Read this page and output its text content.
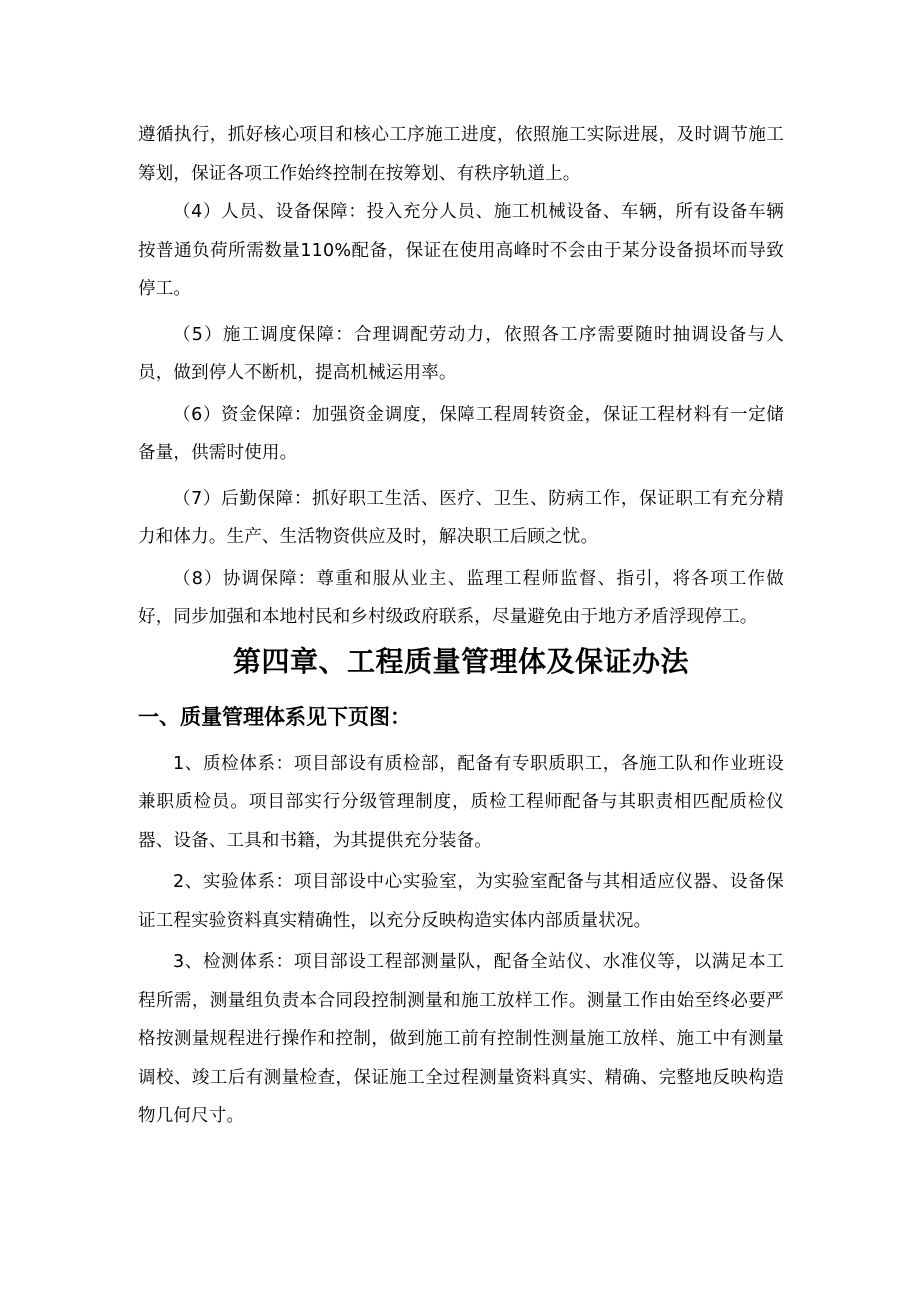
遵循执行，抓好核心项目和核心工序施工进度，依照施工实际进展，及时调节施工筹划，保证各项工作始终控制在按筹划、有秩序轨道上。

（4）人员、设备保障：投入充分人员、施工机械设备、车辆，所有设备车辆按普通负荷所需数量110%配备，保证在使用高峰时不会由于某分设备损坏而导致停工。

（5）施工调度保障：合理调配劳动力，依照各工序需要随时抽调设备与人员，做到停人不断机，提高机械运用率。

（6）资金保障：加强资金调度，保障工程周转资金，保证工程材料有一定储备量，供需时使用。

（7）后勤保障：抓好职工生活、医疗、卫生、防病工作，保证职工有充分精力和体力。生产、生活物资供应及时，解决职工后顾之忧。

（8）协调保障：尊重和服从业主、监理工程师监督、指引，将各项工作做好，同步加强和本地村民和乡村级政府联系，尽量避免由于地方矛盾浮现停工。

第四章、工程质量管理体及保证办法
一、质量管理体系见下页图：

1、质检体系：项目部设有质检部，配备有专职质职工，各施工队和作业班设兼职质检员。项目部实行分级管理制度，质检工程师配备与其职责相匹配质检仪器、设备、工具和书籍，为其提供充分装备。

2、实验体系：项目部设中心实验室，为实验室配备与其相适应仪器、设备保证工程实验资料真实精确性，以充分反映构造实体内部质量状况。

3、检测体系：项目部设工程部测量队，配备全站仪、水准仪等，以满足本工程所需，测量组负责本合同段控制测量和施工放样工作。测量工作由始至终必要严格按测量规程进行操作和控制，做到施工前有控制性测量施工放样、施工中有测量调校、竣工后有测量检查，保证施工全过程测量资料真实、精确、完整地反映构造物几何尺寸。
